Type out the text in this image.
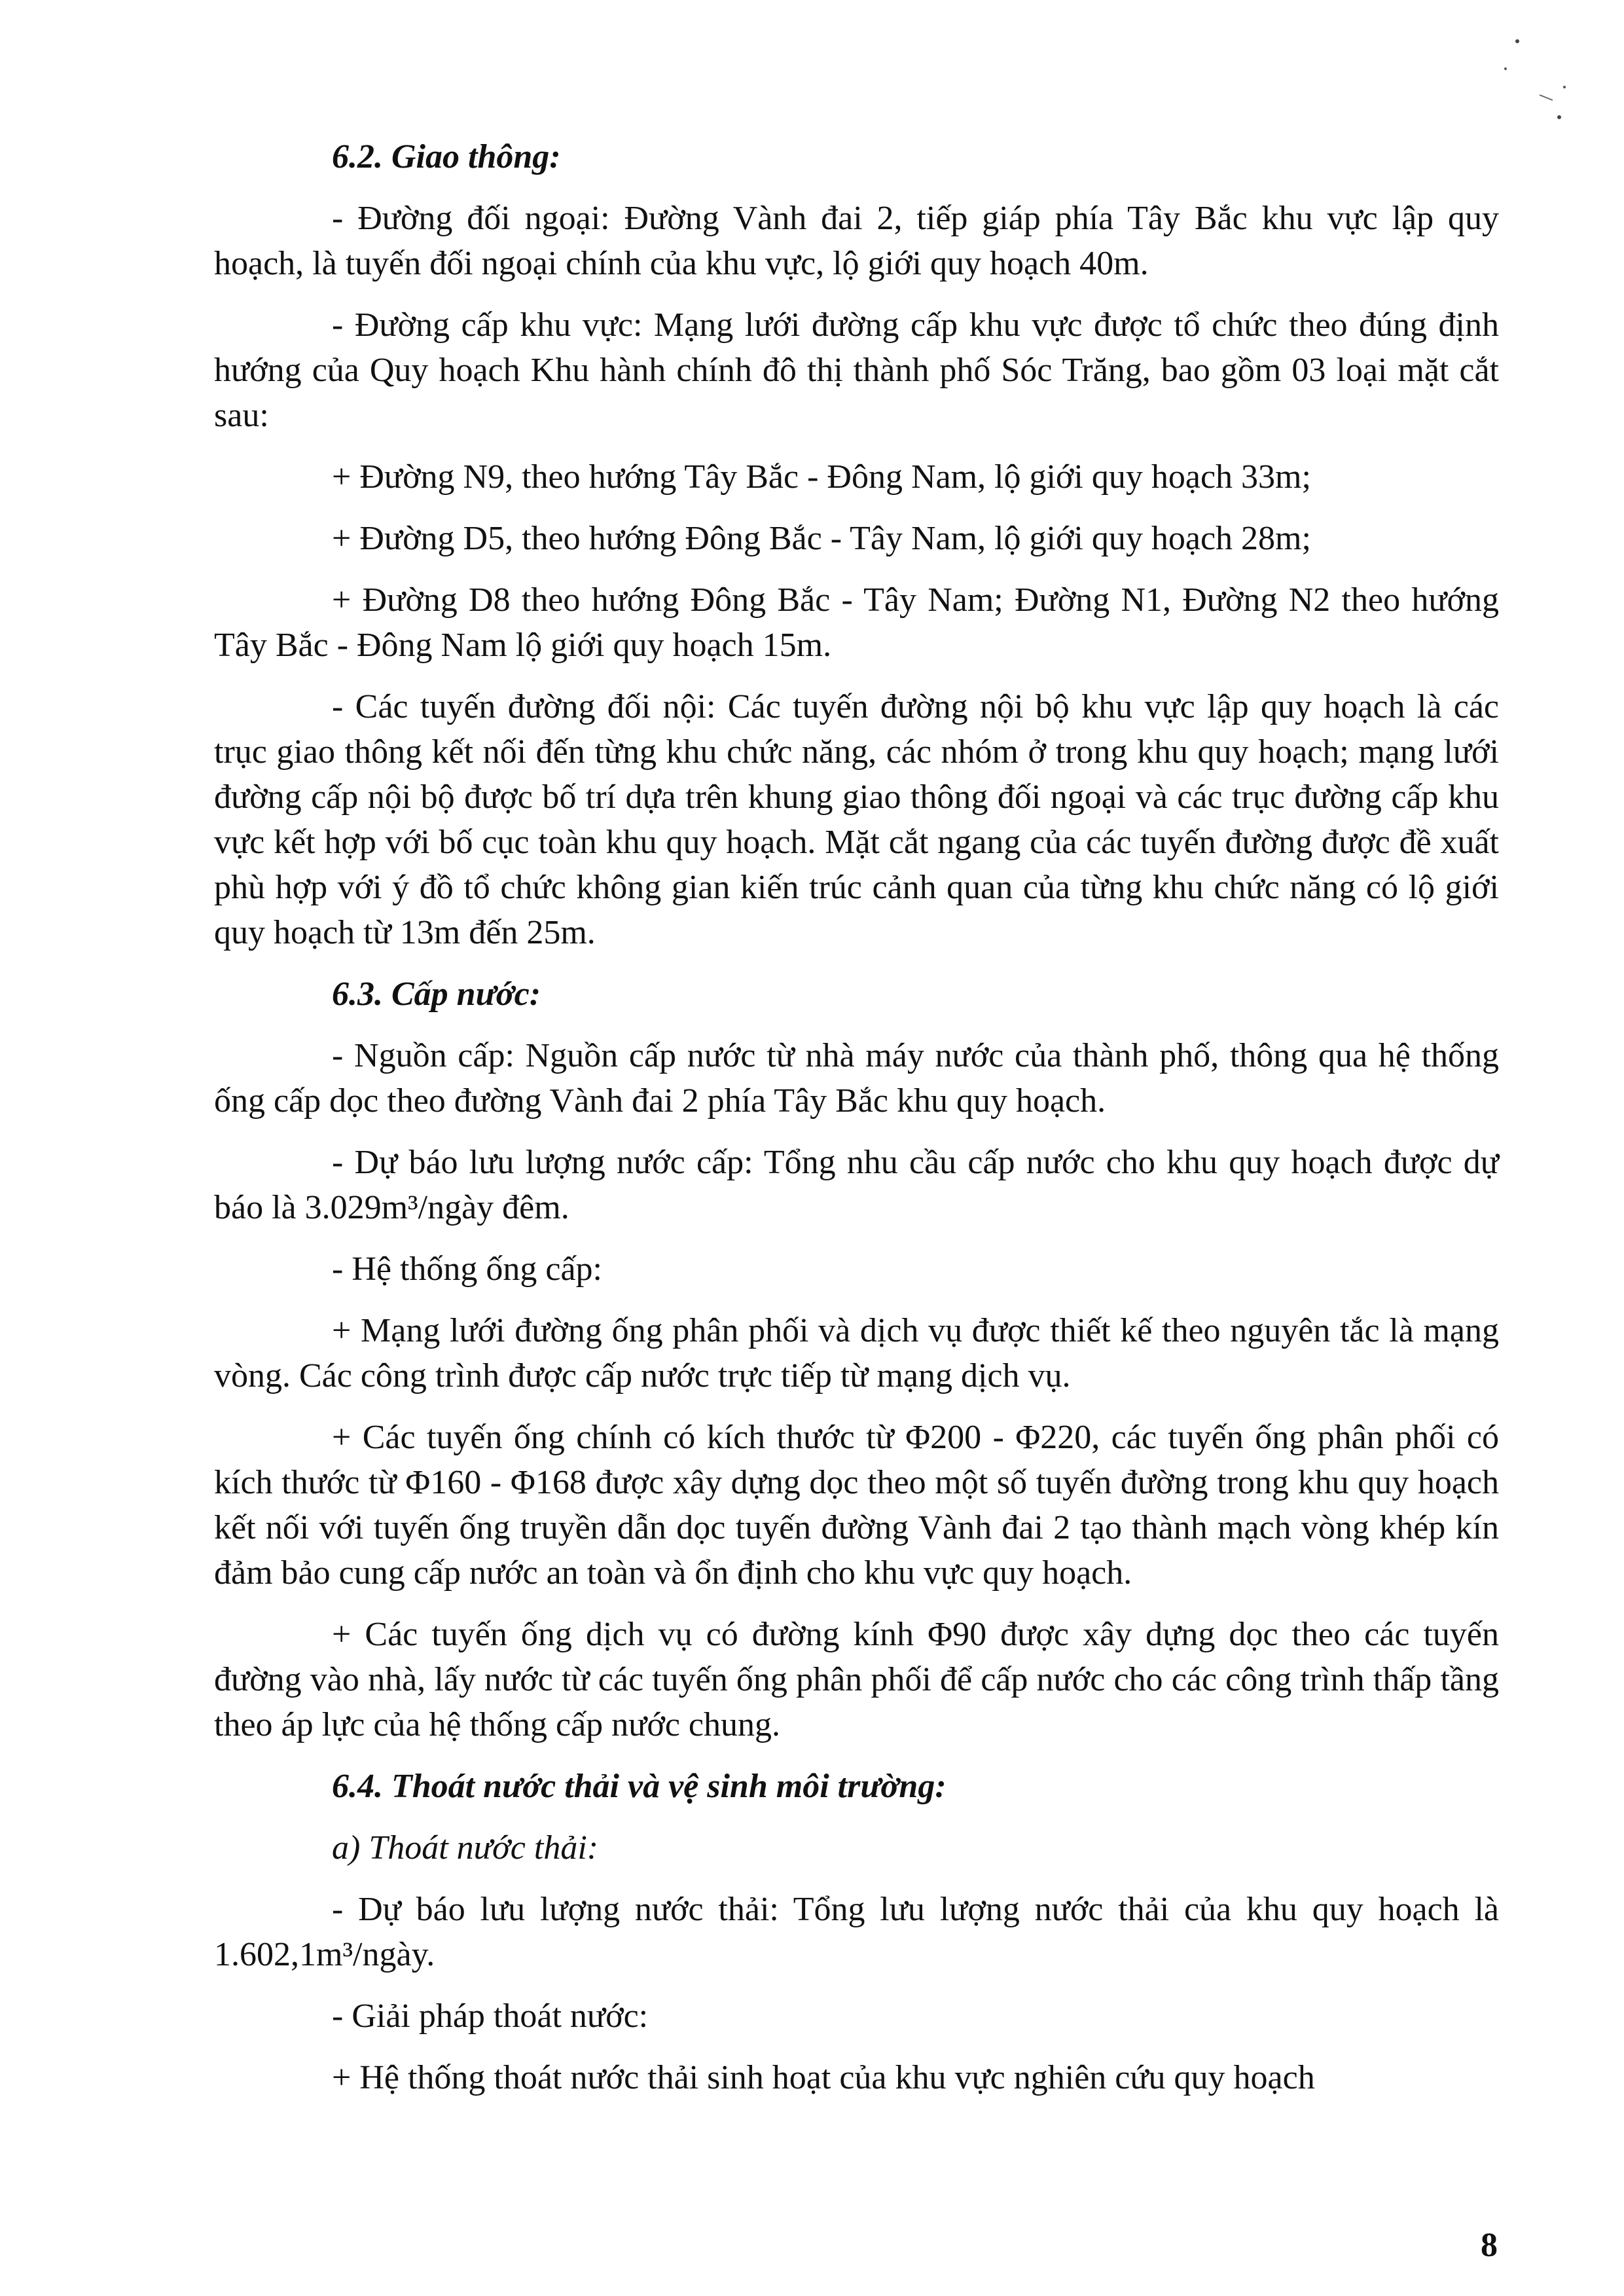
6.2. Giao thông:

- Đường đối ngoại: Đường Vành đai 2, tiếp giáp phía Tây Bắc khu vực lập quy hoạch, là tuyến đối ngoại chính của khu vực, lộ giới quy hoạch 40m.

- Đường cấp khu vực: Mạng lưới đường cấp khu vực được tổ chức theo đúng định hướng của Quy hoạch Khu hành chính đô thị thành phố Sóc Trăng, bao gồm 03 loại mặt cắt sau:

+ Đường N9, theo hướng Tây Bắc - Đông Nam, lộ giới quy hoạch 33m;

+ Đường D5, theo hướng Đông Bắc - Tây Nam, lộ giới quy hoạch 28m;

+ Đường D8 theo hướng Đông Bắc - Tây Nam; Đường N1, Đường N2 theo hướng Tây Bắc - Đông Nam lộ giới quy hoạch 15m.

- Các tuyến đường đối nội: Các tuyến đường nội bộ khu vực lập quy hoạch là các trục giao thông kết nối đến từng khu chức năng, các nhóm ở trong khu quy hoạch; mạng lưới đường cấp nội bộ được bố trí dựa trên khung giao thông đối ngoại và các trục đường cấp khu vực kết hợp với bố cục toàn khu quy hoạch. Mặt cắt ngang của các tuyến đường được đề xuất phù hợp với ý đồ tổ chức không gian kiến trúc cảnh quan của từng khu chức năng có lộ giới quy hoạch từ 13m đến 25m.

6.3. Cấp nước:

- Nguồn cấp: Nguồn cấp nước từ nhà máy nước của thành phố, thông qua hệ thống ống cấp dọc theo đường Vành đai 2 phía Tây Bắc khu quy hoạch.

- Dự báo lưu lượng nước cấp: Tổng nhu cầu cấp nước cho khu quy hoạch được dự báo là 3.029m³/ngày đêm.

- Hệ thống ống cấp:

+ Mạng lưới đường ống phân phối và dịch vụ được thiết kế theo nguyên tắc là mạng vòng. Các công trình được cấp nước trực tiếp từ mạng dịch vụ.

+ Các tuyến ống chính có kích thước từ Φ200 - Φ220, các tuyến ống phân phối có kích thước từ Φ160 - Φ168 được xây dựng dọc theo một số tuyến đường trong khu quy hoạch kết nối với tuyến ống truyền dẫn dọc tuyến đường Vành đai 2 tạo thành mạch vòng khép kín đảm bảo cung cấp nước an toàn và ổn định cho khu vực quy hoạch.

+ Các tuyến ống dịch vụ có đường kính Φ90 được xây dựng dọc theo các tuyến đường vào nhà, lấy nước từ các tuyến ống phân phối để cấp nước cho các công trình thấp tầng theo áp lực của hệ thống cấp nước chung.

6.4. Thoát nước thải và vệ sinh môi trường:

a) Thoát nước thải:

- Dự báo lưu lượng nước thải: Tổng lưu lượng nước thải của khu quy hoạch là 1.602,1m³/ngày.

- Giải pháp thoát nước:

+ Hệ thống thoát nước thải sinh hoạt của khu vực nghiên cứu quy hoạch

8
